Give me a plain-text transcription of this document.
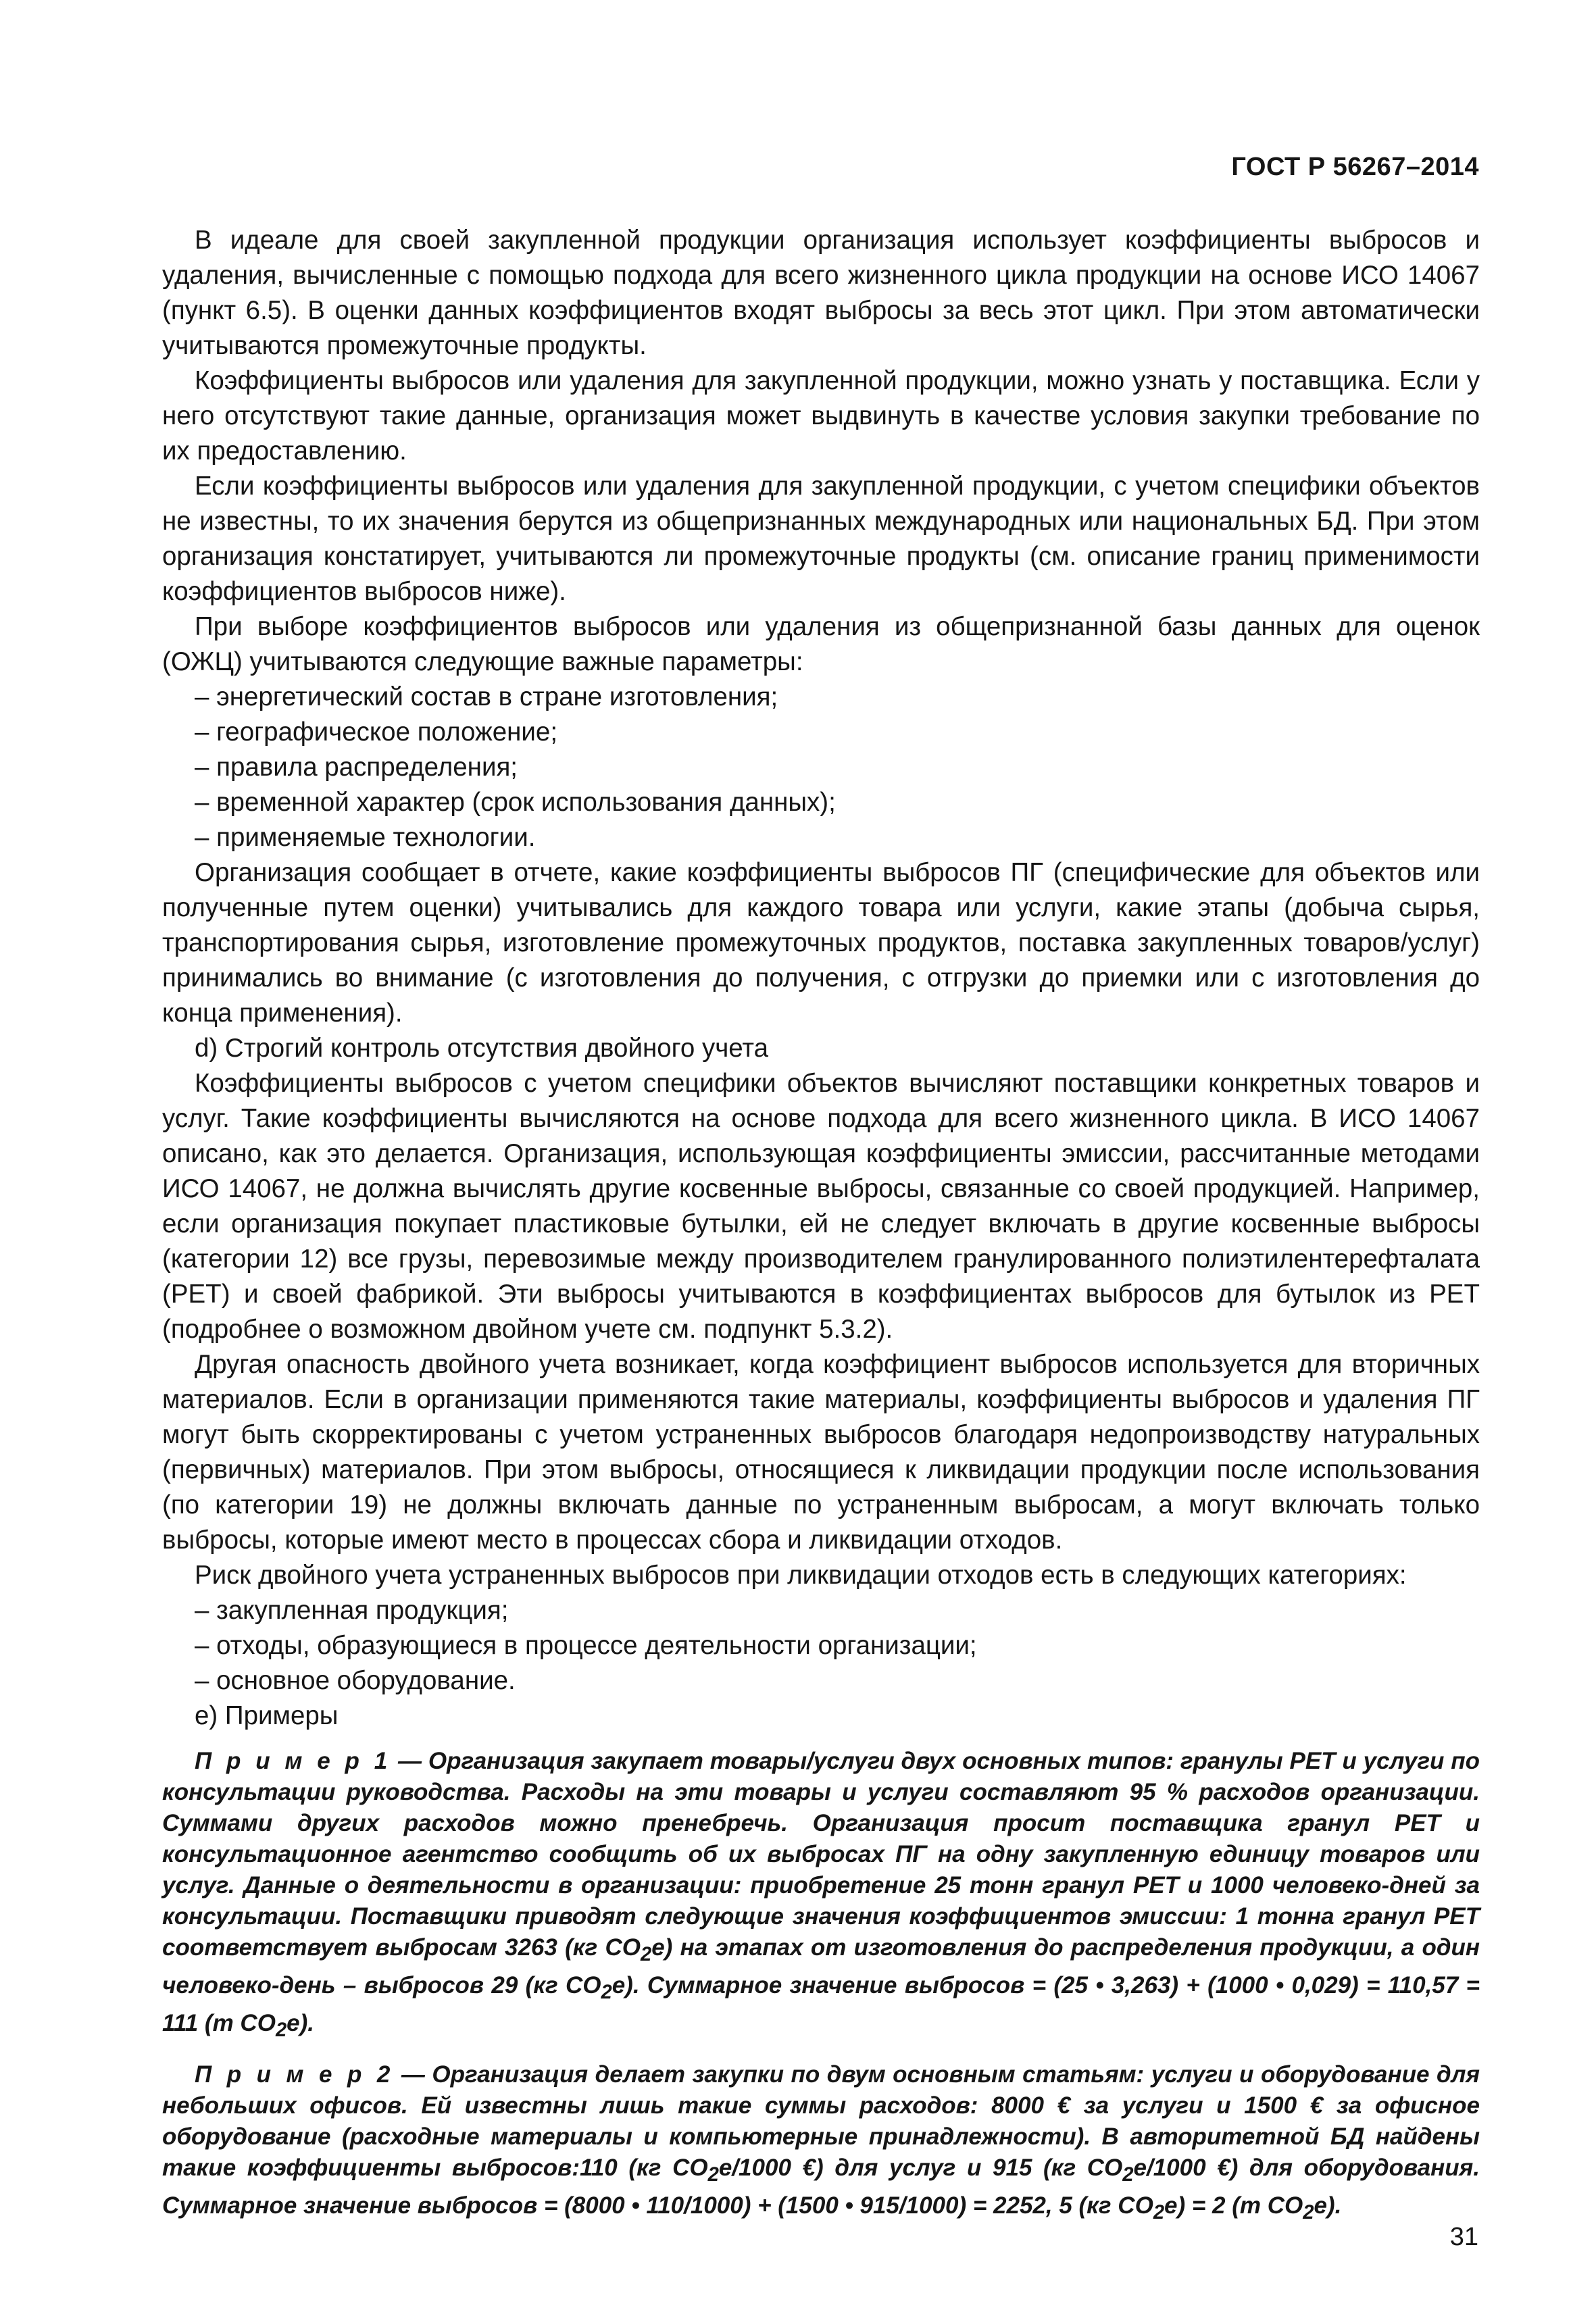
ГОСТ Р 56267–2014

В идеале для своей закупленной продукции организация использует коэффициенты выбросов и удаления, вычисленные с помощью подхода для всего жизненного цикла продукции на основе ИСО 14067 (пункт 6.5). В оценки данных коэффициентов входят выбросы за весь этот цикл. При этом автоматически учитываются промежуточные продукты.

Коэффициенты выбросов или удаления для закупленной продукции, можно узнать у поставщика. Если у него отсутствуют такие данные, организация может выдвинуть в качестве условия закупки требование по их предоставлению.

Если коэффициенты выбросов или удаления для закупленной продукции, с учетом специфики объектов не известны, то их значения берутся из общепризнанных международных или национальных БД. При этом организация констатирует, учитываются ли промежуточные продукты (см. описание границ применимости коэффициентов выбросов ниже).

При выборе коэффициентов выбросов или удаления из общепризнанной базы данных для оценок (ОЖЦ) учитываются следующие важные параметры:

– энергетический состав в стране изготовления;

– географическое положение;

– правила распределения;

– временной характер (срок использования данных);

– применяемые технологии.

Организация сообщает в отчете, какие коэффициенты выбросов ПГ (специфические для объектов или полученные путем оценки) учитывались для каждого товара или услуги, какие этапы (добыча сырья, транспортирования сырья, изготовление промежуточных продуктов, поставка закупленных товаров/услуг) принимались во внимание (с изготовления до получения, с отгрузки до приемки или с изготовления до конца применения).

d) Строгий контроль отсутствия двойного учета

Коэффициенты выбросов с учетом специфики объектов вычисляют поставщики конкретных товаров и услуг. Такие коэффициенты вычисляются на основе подхода для всего жизненного цикла. В ИСО 14067 описано, как это делается. Организация, использующая коэффициенты эмиссии, рассчитанные методами ИСО 14067, не должна вычислять другие косвенные выбросы, связанные со своей продукцией. Например, если организация покупает пластиковые бутылки, ей не следует включать в другие косвенные выбросы (категории 12) все грузы, перевозимые между производителем гранулированного полиэтилентерефталата (PET) и своей фабрикой. Эти выбросы учитываются в коэффициентах выбросов для бутылок из PET (подробнее о возможном двойном учете см. подпункт 5.3.2).

Другая опасность двойного учета возникает, когда коэффициент выбросов используется для вторичных материалов. Если в организации применяются такие материалы, коэффициенты выбросов и удаления ПГ могут быть скорректированы с учетом устраненных выбросов благодаря недопроизводству натуральных (первичных) материалов. При этом выбросы, относящиеся к ликвидации продукции после использования (по категории 19) не должны включать данные по устраненным выбросам, а могут включать только выбросы, которые имеют место в процессах сбора и ликвидации отходов.

Риск двойного учета устраненных выбросов при ликвидации отходов есть в следующих категориях:

– закупленная продукция;

– отходы, образующиеся в процессе деятельности организации;

– основное оборудование.

e) Примеры

П р и м е р 1 — Организация закупает товары/услуги двух основных типов: гранулы PET и услуги по консультации руководства. Расходы на эти товары и услуги составляют 95 % расходов организации. Суммами других расходов можно пренебречь. Организация просит поставщика гранул PET и консультационное агентство сообщить об их выбросах ПГ на одну закупленную единицу товаров или услуг. Данные о деятельности в организации: приобретение 25 тонн гранул PET и 1000 человеко-дней за консультации. Поставщики приводят следующие значения коэффициентов эмиссии: 1 тонна гранул PET соответствует выбросам 3263 (кг $CO_2е$) на этапах от изготовления до распределения продукции, а один человеко-день – выбросов 29 (кг $CO_2е$). Суммарное значение выбросов = (25 • 3,263) + (1000 • 0,029) = 110,57 = 111 (т $CO_2е$).

П р и м е р 2 — Организация делает закупки по двум основным статьям: услуги и оборудование для небольших офисов. Ей известны лишь такие суммы расходов: 8000 € за услуги и 1500 € за офисное оборудование (расходные материалы и компьютерные принадлежности). В авторитетной БД найдены такие коэффициенты выбросов:110 (кг $CO_2е/1000$ €) для услуг и 915 (кг $CO_2е/1000$ €) для оборудования. Суммарное значение выбросов = (8000 • 110/1000) + (1500 • 915/1000) = 2252, 5 (кг $CO_2е) = 2$ (т $CO_2е$).

31
